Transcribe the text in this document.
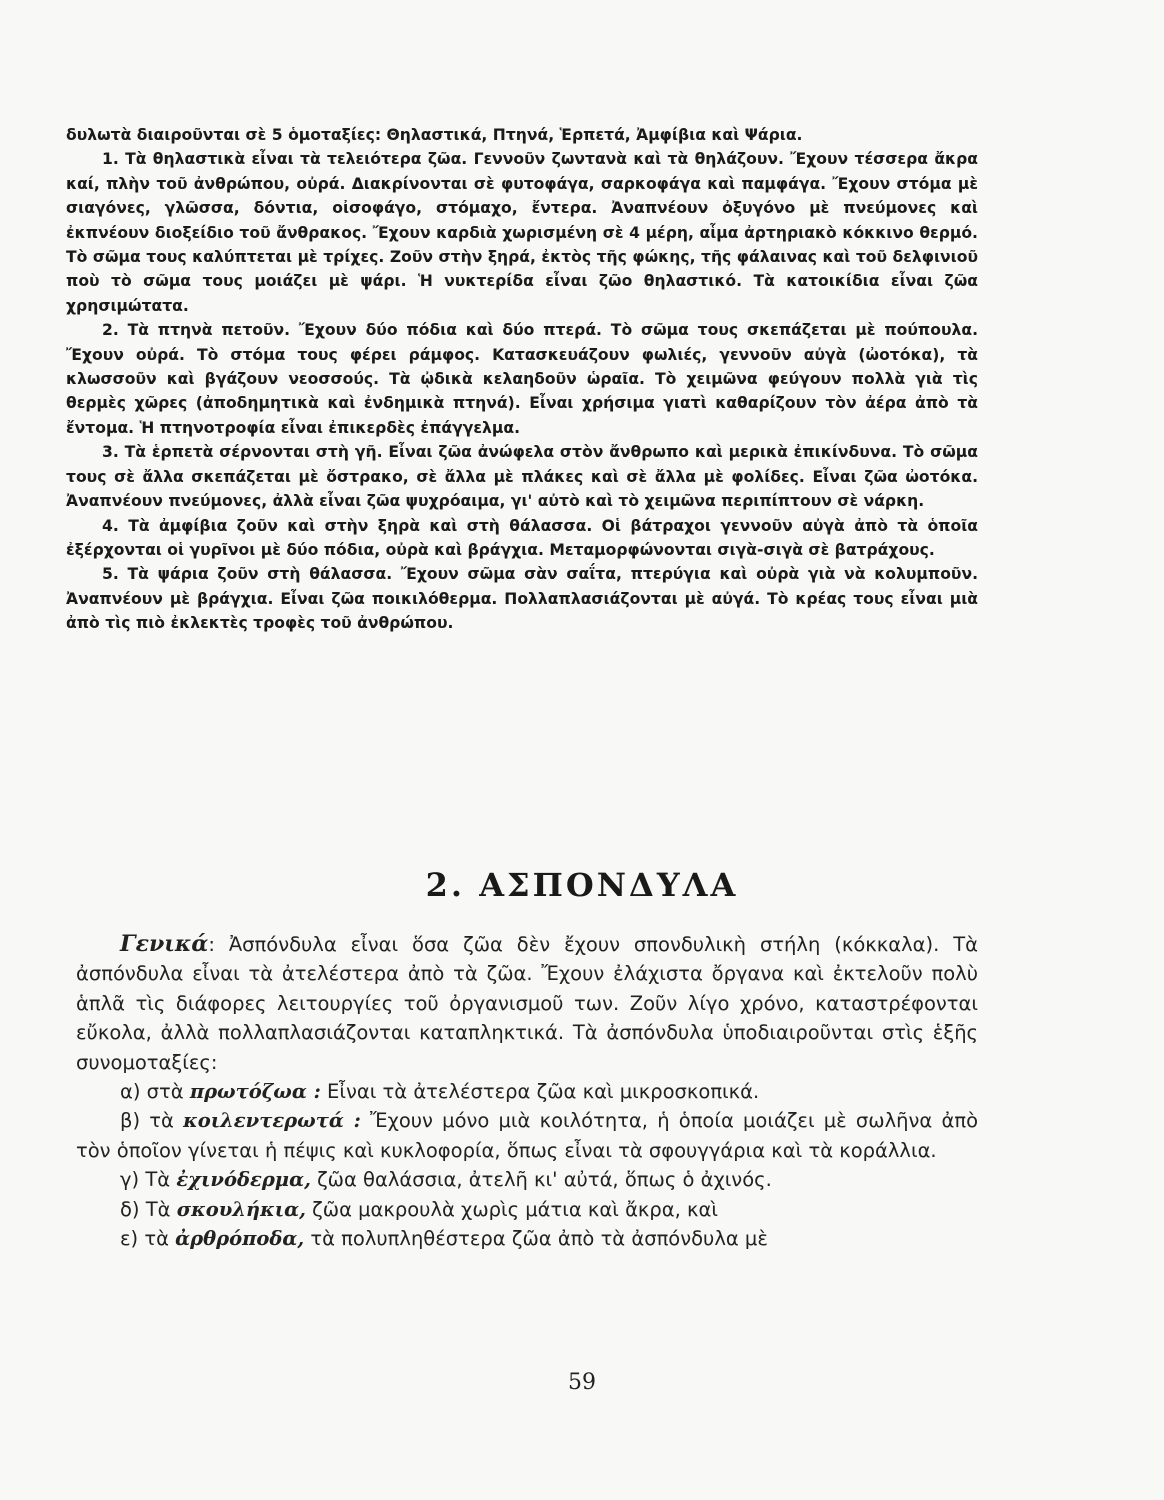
δυλωτὰ διαιροῦνται σὲ 5 ὁμοταξίες: Θηλαστικά, Πτηνά, Ἑρπετά, Ἀμφίβια καὶ Ψάρια.

1. Τὰ θηλαστικὰ εἶναι τὰ τελειότερα ζῶα. Γεννοῦν ζωντανὰ καὶ τὰ θηλάζουν. Ἔχουν τέσσερα ἄκρα καί, πλὴν τοῦ ἀνθρώπου, οὐρά. Διακρίνονται σὲ φυτοφάγα, σαρκοφάγα καὶ παμφάγα. Ἔχουν στόμα μὲ σιαγόνες, γλῶσσα, δόντια, οἰσοφάγο, στόμαχο, ἔντερα. Ἀναπνέουν ὀξυγόνο μὲ πνεύμονες καὶ ἐκπνέουν διοξείδιο τοῦ ἄνθρακος. Ἔχουν καρδιὰ χωρισμένη σὲ 4 μέρη, αἷμα ἀρτηριακὸ κόκκινο θερμό. Τὸ σῶμα τους καλύπτεται μὲ τρίχες. Ζοῦν στὴν ξηρά, ἐκτὸς τῆς φώκης, τῆς φάλαινας καὶ τοῦ δελφινιοῦ ποὺ τὸ σῶμα τους μοιάζει μὲ ψάρι. Ἡ νυκτερίδα εἶναι ζῶο θηλαστικό. Τὰ κατοικίδια εἶναι ζῶα χρησιμώτατα.

2. Τὰ πτηνὰ πετοῦν. Ἔχουν δύο πόδια καὶ δύο πτερά. Τὸ σῶμα τους σκεπάζεται μὲ πούπουλα. Ἔχουν οὐρά. Τὸ στόμα τους φέρει ράμφος. Κατασκευάζουν φωλιές, γεννοῦν αὐγὰ (ὠοτόκα), τὰ κλωσσοῦν καὶ βγάζουν νεοσσούς. Τὰ ᾠδικὰ κελαηδοῦν ὡραῖα. Τὸ χειμῶνα φεύγουν πολλὰ γιὰ τὶς θερμὲς χῶρες (ἀποδημητικὰ καὶ ἐνδημικὰ πτηνά). Εἶναι χρήσιμα γιατὶ καθαρίζουν τὸν ἀέρα ἀπὸ τὰ ἔντομα. Ἡ πτηνοτροφία εἶναι ἐπικερδὲς ἐπάγγελμα.

3. Τὰ ἑρπετὰ σέρνονται στὴ γῆ. Εἶναι ζῶα ἀνώφελα στὸν ἄνθρωπο καὶ μερικὰ ἐπικίνδυνα. Τὸ σῶμα τους σὲ ἄλλα σκεπάζεται μὲ ὄστρακο, σὲ ἄλλα μὲ πλάκες καὶ σὲ ἄλλα μὲ φολίδες. Εἶναι ζῶα ὠοτόκα. Ἀναπνέουν πνεύμονες, ἀλλὰ εἶναι ζῶα ψυχρόαιμα, γι' αὐτὸ καὶ τὸ χειμῶνα περιπίπτουν σὲ νάρκη.

4. Τὰ ἀμφίβια ζοῦν καὶ στὴν ξηρὰ καὶ στὴ θάλασσα. Οἱ βάτραχοι γεννοῦν αὐγὰ ἀπὸ τὰ ὁποῖα ἐξέρχονται οἱ γυρῖνοι μὲ δύο πόδια, οὐρὰ καὶ βράγχια. Μεταμορφώνονται σιγὰ-σιγὰ σὲ βατράχους.

5. Τὰ ψάρια ζοῦν στὴ θάλασσα. Ἔχουν σῶμα σὰν σαΐτα, πτερύγια καὶ οὐρὰ γιὰ νὰ κολυμποῦν. Ἀναπνέουν μὲ βράγχια. Εἶναι ζῶα ποικιλόθερμα. Πολλαπλασιάζονται μὲ αὐγά. Τὸ κρέας τους εἶναι μιὰ ἀπὸ τὶς πιὸ ἐκλεκτὲς τροφὲς τοῦ ἀνθρώπου.

2. ΑΣΠΟΝΔΥΛΑ

Γενικά: Ἀσπόνδυλα εἶναι ὅσα ζῶα δὲν ἔχουν σπονδυλικὴ στήλη (κόκκαλα). Τὰ ἀσπόνδυλα εἶναι τὰ ἀτελέστερα ἀπὸ τὰ ζῶα. Ἔχουν ἐλάχιστα ὄργανα καὶ ἐκτελοῦν πολὺ ἁπλᾶ τὶς διάφορες λειτουργίες τοῦ ὀργανισμοῦ των. Ζοῦν λίγο χρόνο, καταστρέφονται εὔκολα, ἀλλὰ πολλαπλασιάζονται καταπληκτικά. Τὰ ἀσπόνδυλα ὑποδιαιροῦνται στὶς ἑξῆς συνομοταξίες:

α) στὰ πρωτόζωα : Εἶναι τὰ ἀτελέστερα ζῶα καὶ μικροσκοπικά.

β) τὰ κοιλεντερωτά : Ἔχουν μόνο μιὰ κοιλότητα, ἡ ὁποία μοιάζει μὲ σωλῆνα ἀπὸ τὸν ὁποῖον γίνεται ἡ πέψις καὶ κυκλοφορία, ὅπως εἶναι τὰ σφουγγάρια καὶ τὰ κοράλλια.

γ) Τὰ ἐχινόδερμα, ζῶα θαλάσσια, ἀτελῆ κι' αὐτά, ὅπως ὁ ἀχινός.

δ) Τὰ σκουλήκια, ζῶα μακρουλὰ χωρὶς μάτια καὶ ἄκρα, καὶ

ε) τὰ ἀρθρόποδα, τὰ πολυπληθέστερα ζῶα ἀπὸ τὰ ἀσπόνδυλα μὲ

59
